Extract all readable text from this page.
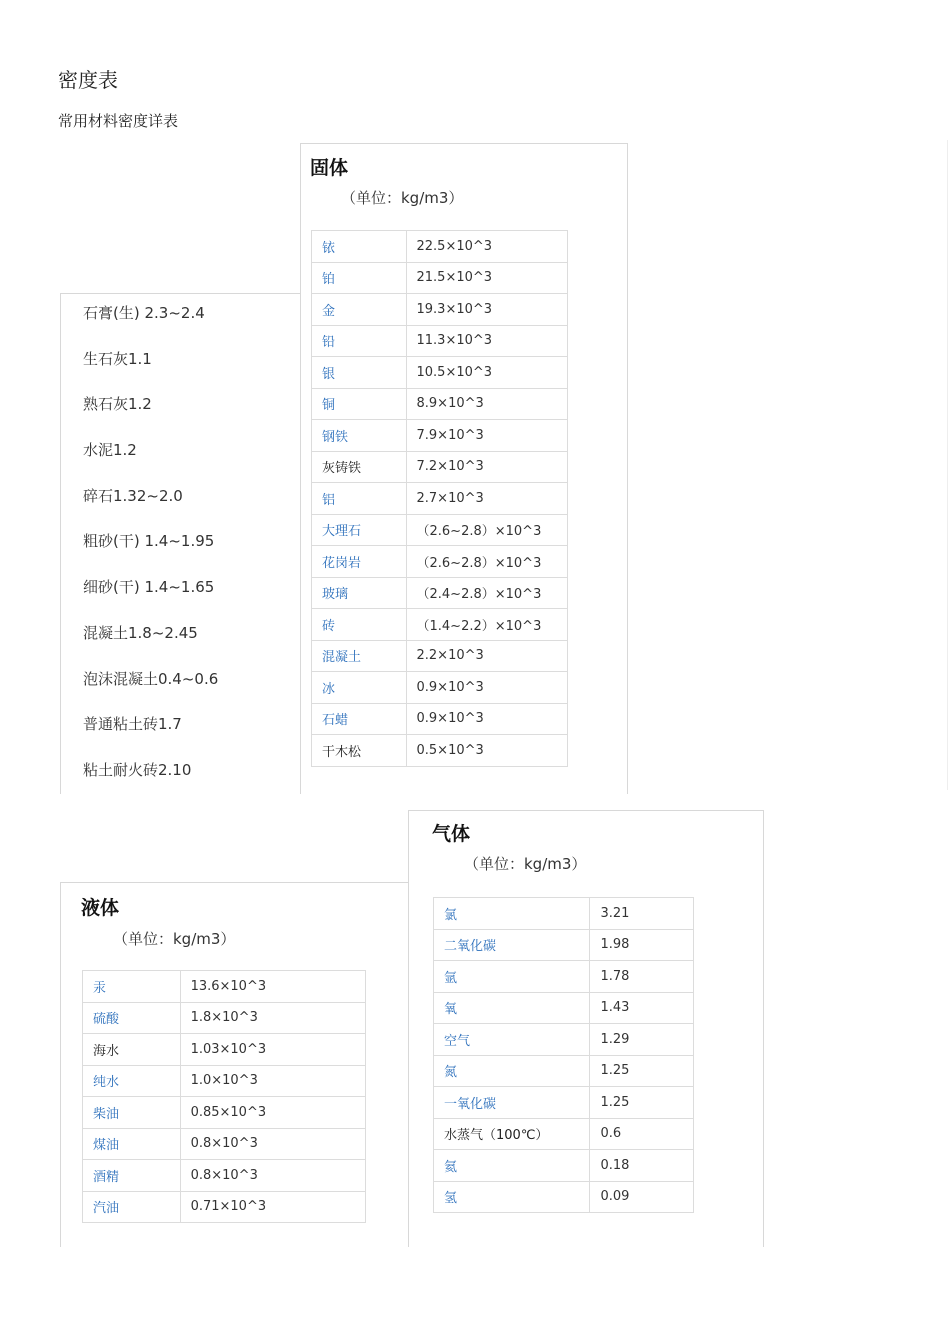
密度表
常用材料密度详表
固体
（单位：kg/m3）
铱	22.5×10^3
铂	21.5×10^3
金	19.3×10^3
铅	11.3×10^3
银	10.5×10^3
铜	8.9×10^3
钢铁	7.9×10^3
灰铸铁	7.2×10^3
铝	2.7×10^3
大理石	（2.6~2.8）×10^3
花岗岩	（2.6~2.8）×10^3
玻璃	（2.4~2.8）×10^3
砖	（1.4~2.2）×10^3
混凝土	2.2×10^3
冰	0.9×10^3
石蜡	0.9×10^3
干木松	0.5×10^3
石膏(生) 2.3~2.4
生石灰1.1
熟石灰1.2
水泥1.2
碎石1.32~2.0
粗砂(干) 1.4~1.95
细砂(干) 1.4~1.65
混凝土1.8~2.45
泡沫混凝土0.4~0.6
普通粘土砖1.7
粘土耐火砖2.10
气体
（单位：kg/m3）
氯	3.21
二氧化碳	1.98
氩	1.78
氧	1.43
空气	1.29
氮	1.25
一氧化碳	1.25
水蒸气（100℃）	0.6
氦	0.18
氢	0.09
液体
（单位：kg/m3）
汞	13.6×10^3
硫酸	1.8×10^3
海水	1.03×10^3
纯水	1.0×10^3
柴油	0.85×10^3
煤油	0.8×10^3
酒精	0.8×10^3
汽油	0.71×10^3
